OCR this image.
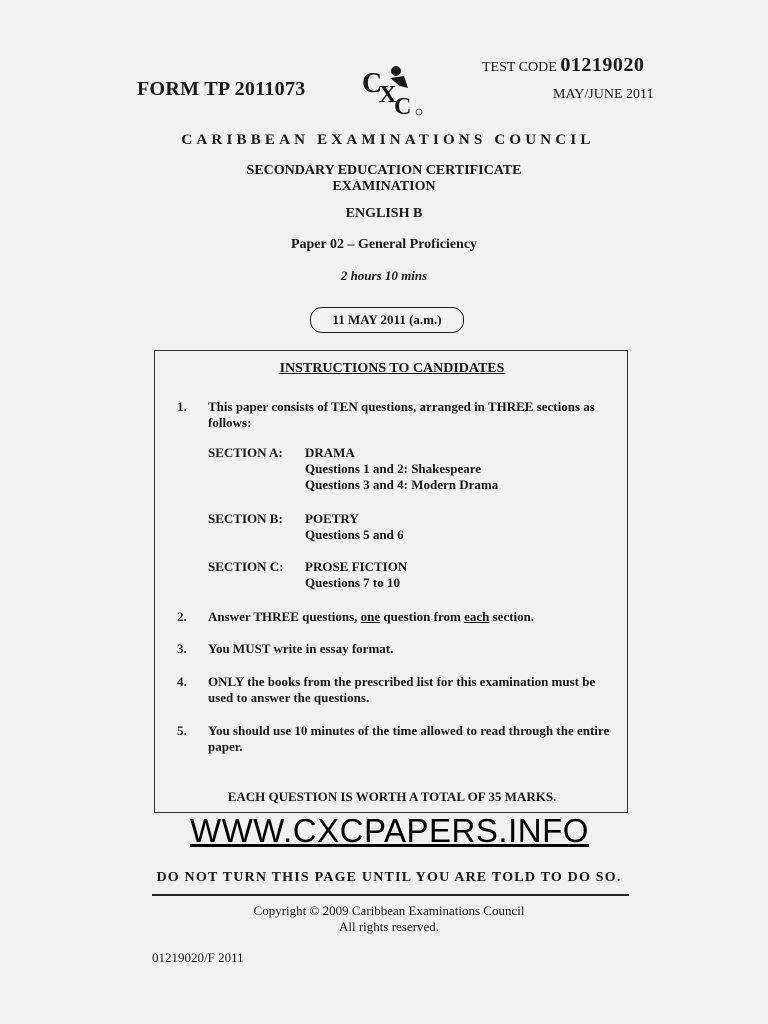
FORM TP 2011073 C
X
C
TEST CODE 01219020
MAY/JUNE 2011
CARIBBEAN EXAMINATIONS COUNCIL
SECONDARY EDUCATION CERTIFICATE
EXAMINATION
ENGLISH B
Paper 02 – General Proficiency
2 hours 10 mins
11 MAY 2011 (a.m.)
INSTRUCTIONS TO CANDIDATES
1. This paper consists of TEN questions, arranged in THREE sections as follows:
SECTION A: DRAMA
Questions 1 and 2: Shakespeare
Questions 3 and 4: Modern Drama
SECTION B: POETRY
Questions 5 and 6
SECTION C: PROSE FICTION
Questions 7 to 10
2. Answer THREE questions, one question from each section.
3. You MUST write in essay format.
4. ONLY the books from the prescribed list for this examination must be used to answer the questions.
5. You should use 10 minutes of the time allowed to read through the entire paper.
EACH QUESTION IS WORTH A TOTAL OF 35 MARKS.
WWW.CXCPAPERS.INFO
DO NOT TURN THIS PAGE UNTIL YOU ARE TOLD TO DO SO.
Copyright © 2009 Caribbean Examinations Council
All rights reserved.
01219020/F 2011
